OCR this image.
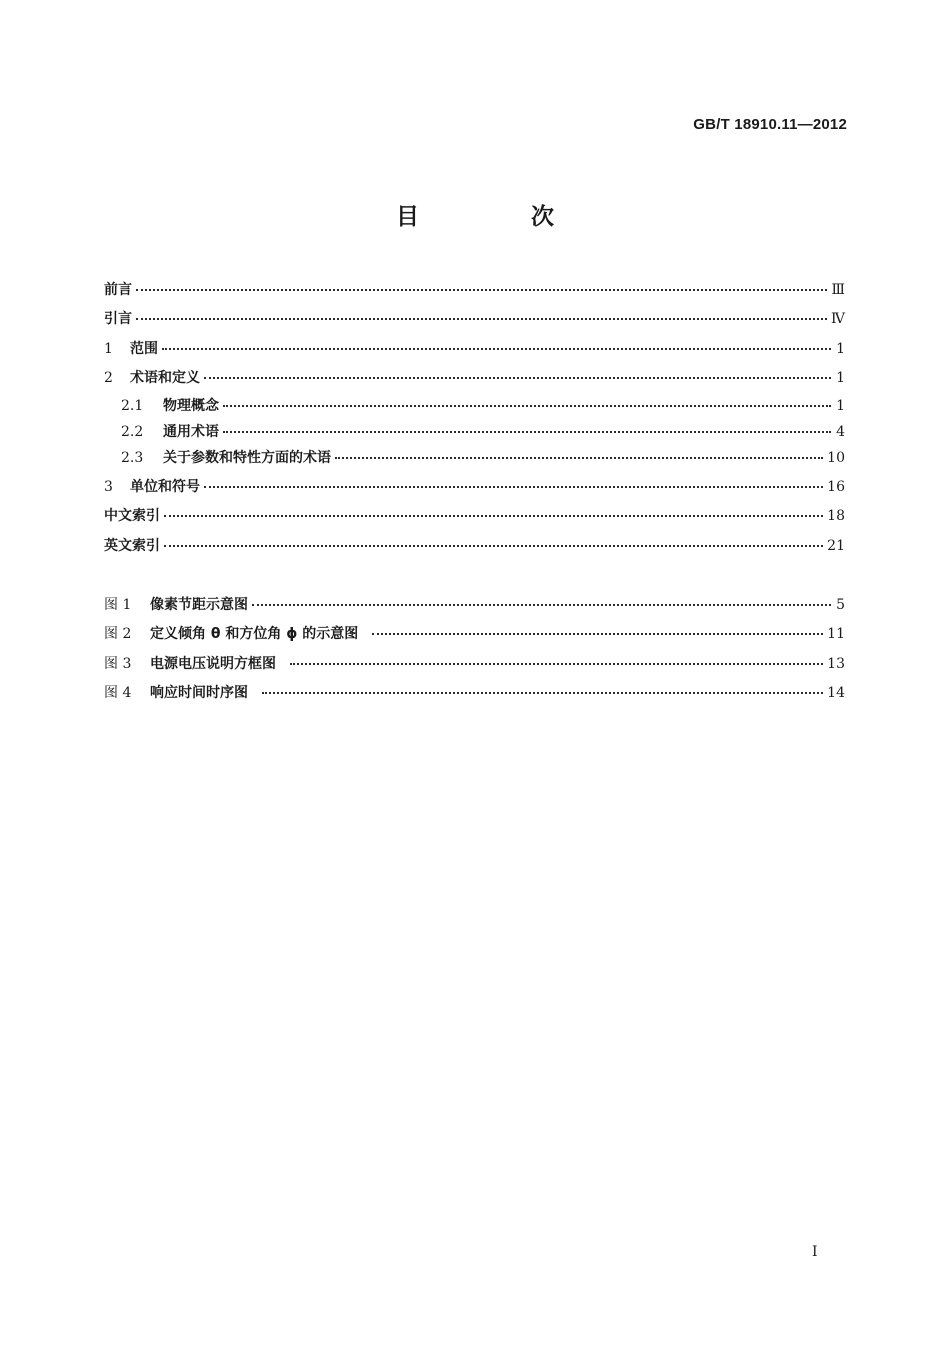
GB/T 18910.11—2012
目 次
前言	Ⅲ
引言	Ⅳ
1	范围	1
2	术语和定义	1
2.1	物理概念	1
2.2	通用术语	4
2.3	关于参数和特性方面的术语	10
3	单位和符号	16
中文索引	18
英文索引	21
图 1	像素节距示意图	5
图 2	定义倾角 θ 和方位角 ϕ 的示意图	11
图 3	电源电压说明方框图	13
图 4	响应时间时序图	14
I
